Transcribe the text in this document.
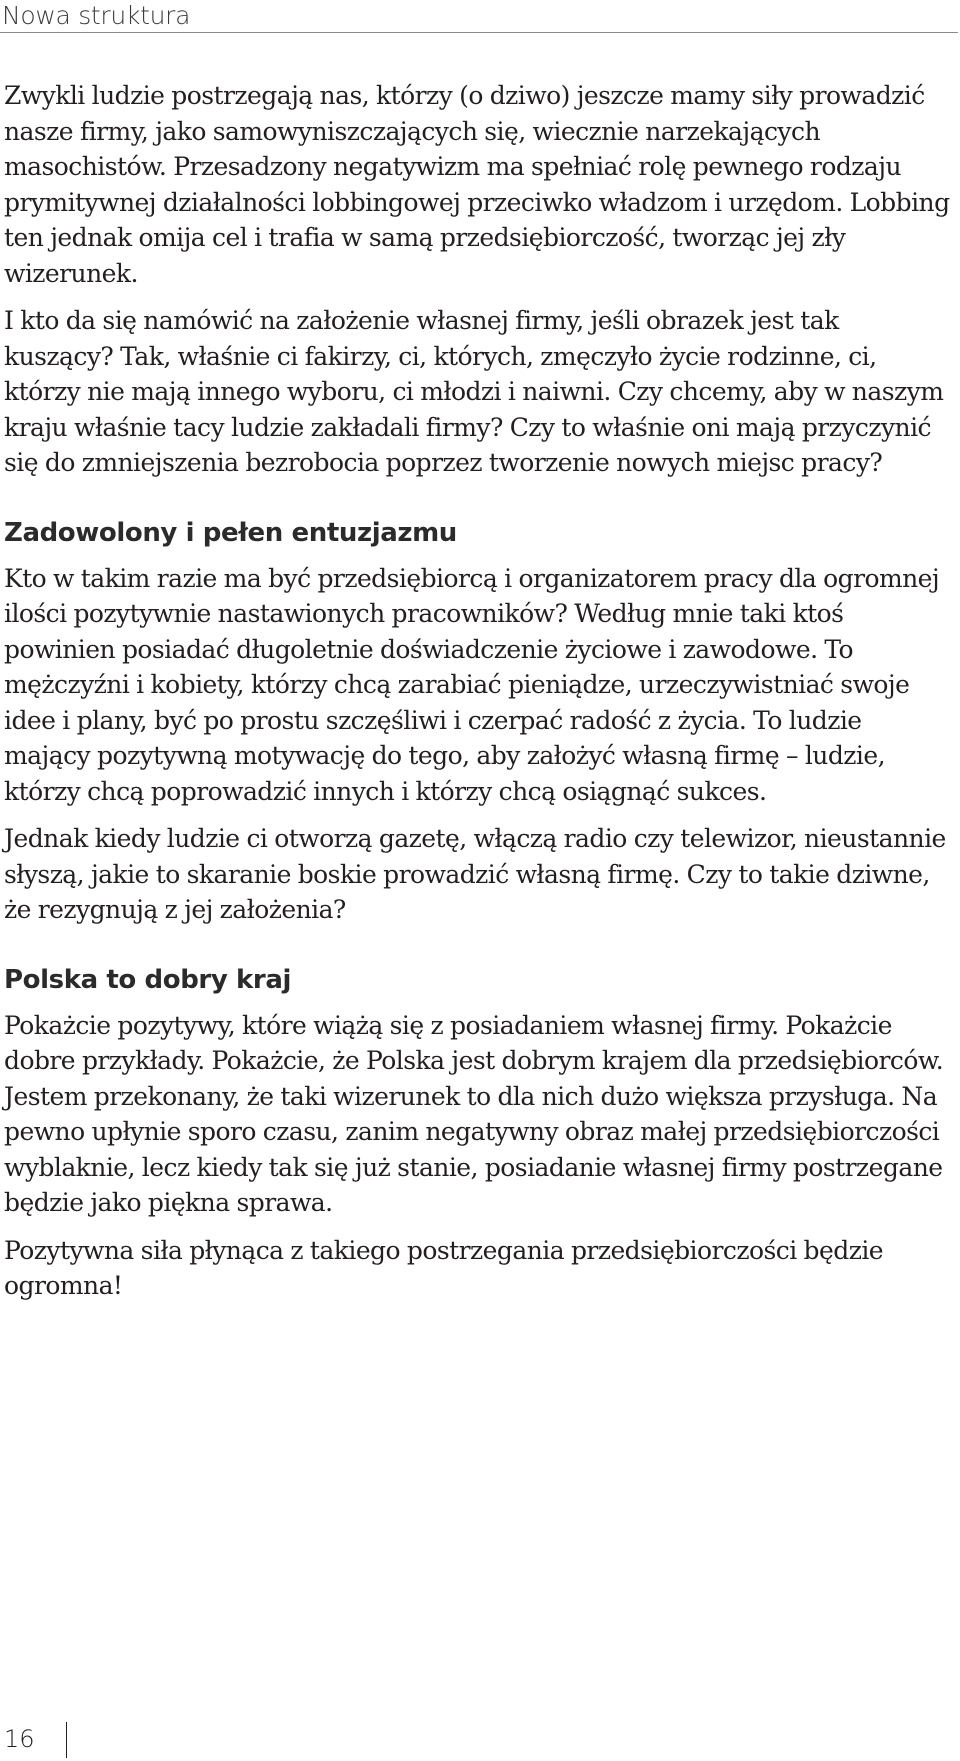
Nowa struktura

Zwykli ludzie postrzegają nas, którzy (o dziwo) jeszcze mamy siły prowadzić nasze firmy, jako samowyniszczających się, wiecznie narzekających masochistów. Przesadzony negatywizm ma spełniać rolę pewnego rodzaju prymitywnej działalności lobbingowej przeciwko władzom i urzędom. Lobbing ten jednak omija cel i trafia w samą przedsiębiorczość, tworząc jej zły wizerunek.

I kto da się namówić na założenie własnej firmy, jeśli obrazek jest tak kuszący? Tak, właśnie ci fakirzy, ci, których, zmęczyło życie rodzinne, ci, którzy nie mają innego wyboru, ci młodzi i naiwni. Czy chcemy, aby w naszym kraju właśnie tacy ludzie zakładali firmy? Czy to właśnie oni mają przyczynić się do zmniejszenia bezrobocia poprzez tworzenie nowych miejsc pracy?

Zadowolony i pełen entuzjazmu

Kto w takim razie ma być przedsiębiorcą i organizatorem pracy dla ogromnej ilości pozytywnie nastawionych pracowników? Według mnie taki ktoś powinien posiadać długoletnie doświadczenie życiowe i zawodowe. To mężczyźni i kobiety, którzy chcą zarabiać pieniądze, urzeczywistniać swoje idee i plany, być po prostu szczęśliwi i czerpać radość z życia. To ludzie mający pozytywną motywację do tego, aby założyć własną firmę – ludzie, którzy chcą poprowadzić innych i którzy chcą osiągnąć sukces.

Jednak kiedy ludzie ci otworzą gazetę, włączą radio czy telewizor, nieustannie słyszą, jakie to skaranie boskie prowadzić własną firmę. Czy to takie dziwne, że rezygnują z jej założenia?

Polska to dobry kraj

Pokażcie pozytywy, które wiążą się z posiadaniem własnej firmy. Pokażcie dobre przykłady. Pokażcie, że Polska jest dobrym krajem dla przedsiębiorców. Jestem przekonany, że taki wizerunek to dla nich dużo większa przysługa. Na pewno upłynie sporo czasu, zanim negatywny obraz małej przedsiębiorczości wyblaknie, lecz kiedy tak się już stanie, posiadanie własnej firmy postrzegane będzie jako piękna sprawa.

Pozytywna siła płynąca z takiego postrzegania przedsiębiorczości będzie ogromna!

16
